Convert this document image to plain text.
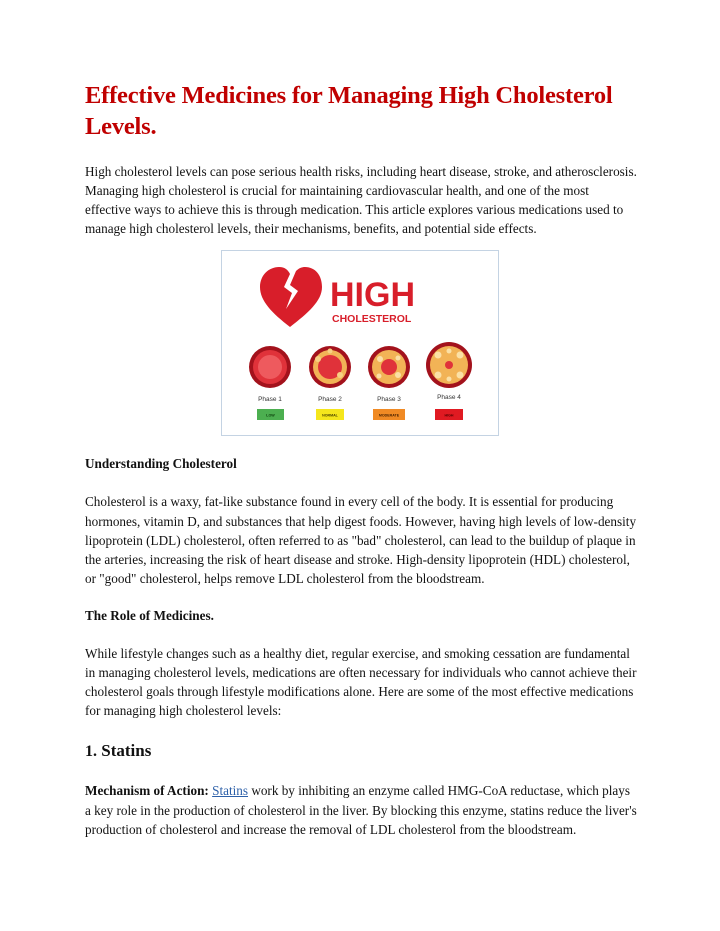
Effective Medicines for Managing High Cholesterol Levels.

High cholesterol levels can pose serious health risks, including heart disease, stroke, and atherosclerosis. Managing high cholesterol is crucial for maintaining cardiovascular health, and one of the most effective ways to achieve this is through medication. This article explores various medications used to manage high cholesterol levels, their mechanisms, benefits, and potential side effects.

HIGH
CHOLESTEROL
Phase 1	Phase 2	Phase 3	Phase 4
LOW	NORMAL	MODERATE	HIGH

Understanding Cholesterol

Cholesterol is a waxy, fat-like substance found in every cell of the body. It is essential for producing hormones, vitamin D, and substances that help digest foods. However, having high levels of low-density lipoprotein (LDL) cholesterol, often referred to as "bad" cholesterol, can lead to the buildup of plaque in the arteries, increasing the risk of heart disease and stroke. High-density lipoprotein (HDL) cholesterol, or "good" cholesterol, helps remove LDL cholesterol from the bloodstream.

The Role of Medicines.

While lifestyle changes such as a healthy diet, regular exercise, and smoking cessation are fundamental in managing cholesterol levels, medications are often necessary for individuals who cannot achieve their cholesterol goals through lifestyle modifications alone. Here are some of the most effective medications for managing high cholesterol levels:

1. Statins

Mechanism of Action: Statins work by inhibiting an enzyme called HMG-CoA reductase, which plays a key role in the production of cholesterol in the liver. By blocking this enzyme, statins reduce the liver's production of cholesterol and increase the removal of LDL cholesterol from the bloodstream.
